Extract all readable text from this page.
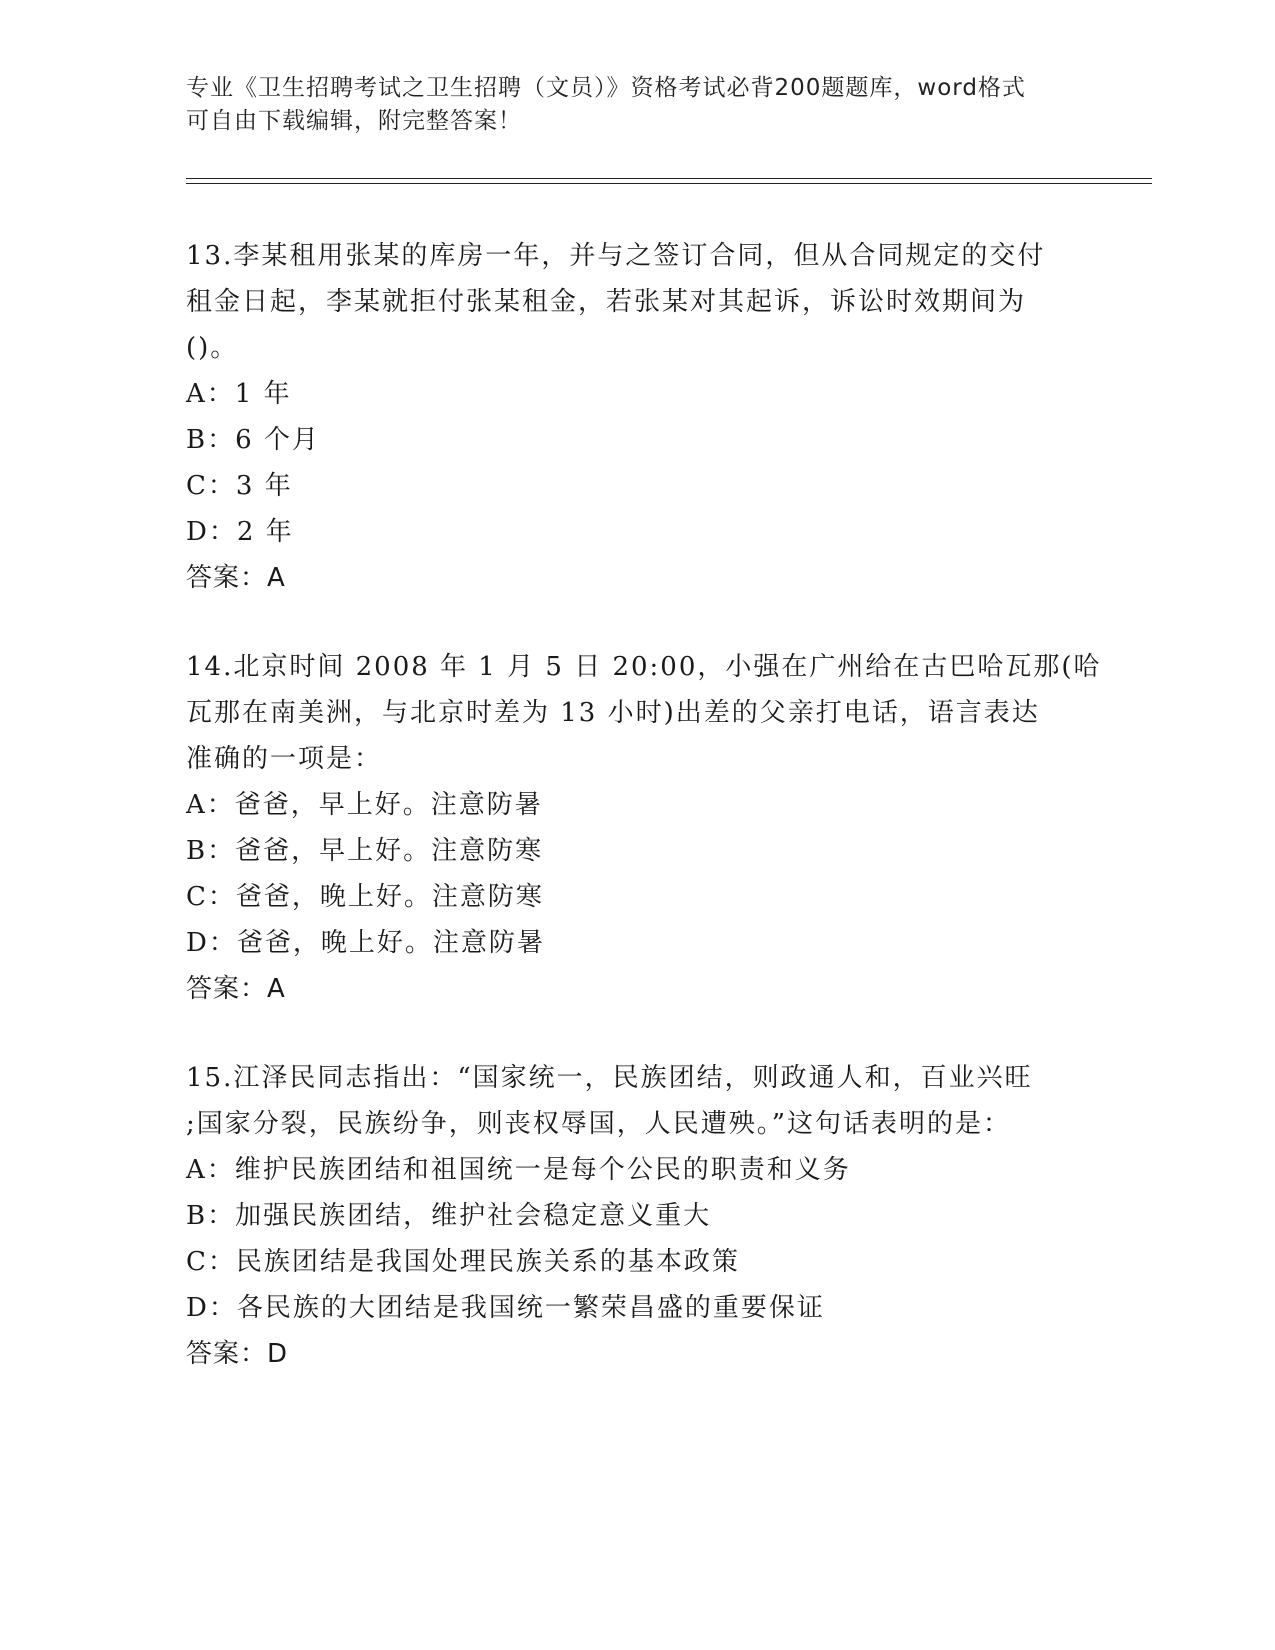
专业《卫生招聘考试之卫生招聘（文员）》资格考试必背200题题库，word格式
可自由下载编辑，附完整答案！
13.李某租用张某的库房一年，并与之签订合同，但从合同规定的交付
租金日起，李某就拒付张某租金，若张某对其起诉，诉讼时效期间为
()。
A：1 年
B：6 个月
C：3 年
D：2 年
答案：A
14.北京时间 2008 年 1 月 5 日 20:00，小强在广州给在古巴哈瓦那(哈
瓦那在南美洲，与北京时差为 13 小时)出差的父亲打电话，语言表达
准确的一项是：
A：爸爸，早上好。注意防暑
B：爸爸，早上好。注意防寒
C：爸爸，晚上好。注意防寒
D：爸爸，晚上好。注意防暑
答案：A
15.江泽民同志指出：“国家统一，民族团结，则政通人和，百业兴旺
;国家分裂，民族纷争，则丧权辱国，人民遭殃。”这句话表明的是：
A：维护民族团结和祖国统一是每个公民的职责和义务
B：加强民族团结，维护社会稳定意义重大
C：民族团结是我国处理民族关系的基本政策
D：各民族的大团结是我国统一繁荣昌盛的重要保证
答案：D
